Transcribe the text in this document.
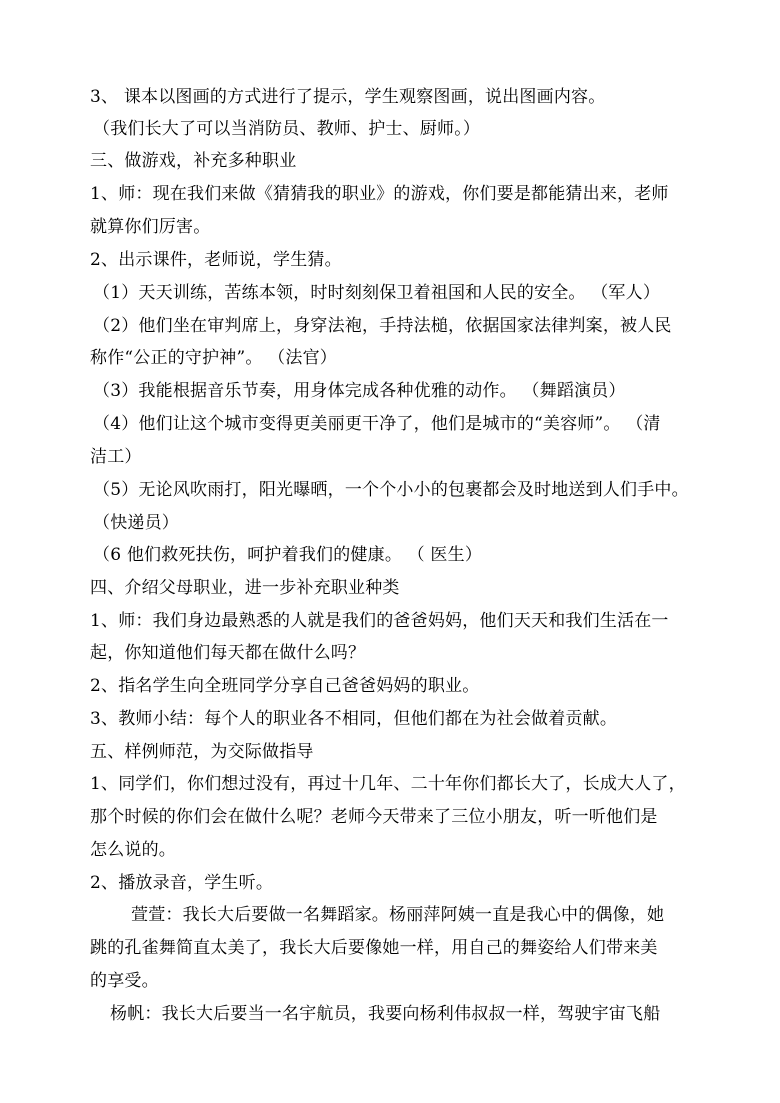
3、 课本以图画的方式进行了提示，学生观察图画，说出图画内容。
（我们长大了可以当消防员、教师、护士、厨师。）
三、做游戏，补充多种职业
1、师：现在我们来做《猜猜我的职业》的游戏，你们要是都能猜出来，老师
就算你们厉害。
2、出示课件，老师说，学生猜。
（1）天天训练，苦练本领，时时刻刻保卫着祖国和人民的安全。 （军人）
（2）他们坐在审判席上，身穿法袍，手持法槌，依据国家法律判案，被人民
称作“公正的守护神”。 （法官）
（3）我能根据音乐节奏，用身体完成各种优雅的动作。 （舞蹈演员）
（4）他们让这个城市变得更美丽更干净了，他们是城市的“美容师”。 （清
洁工）
（5）无论风吹雨打，阳光曝晒，一个个小小的包裹都会及时地送到人们手中。
（快递员）
（6 他们救死扶伤，呵护着我们的健康。 （ 医生）
四、介绍父母职业，进一步补充职业种类
1、师：我们身边最熟悉的人就是我们的爸爸妈妈，他们天天和我们生活在一
起，你知道他们每天都在做什么吗？
2、指名学生向全班同学分享自己爸爸妈妈的职业。
3、教师小结：每个人的职业各不相同，但他们都在为社会做着贡献。
五、样例师范，为交际做指导
1、同学们，你们想过没有，再过十几年、二十年你们都长大了，长成大人了，
那个时候的你们会在做什么呢？老师今天带来了三位小朋友，听一听他们是
怎么说的。
2、播放录音，学生听。
萱萱：我长大后要做一名舞蹈家。杨丽萍阿姨一直是我心中的偶像，她
跳的孔雀舞简直太美了，我长大后要像她一样，用自己的舞姿给人们带来美
的享受。
杨帆：我长大后要当一名宇航员，我要向杨利伟叔叔一样，驾驶宇宙飞船
